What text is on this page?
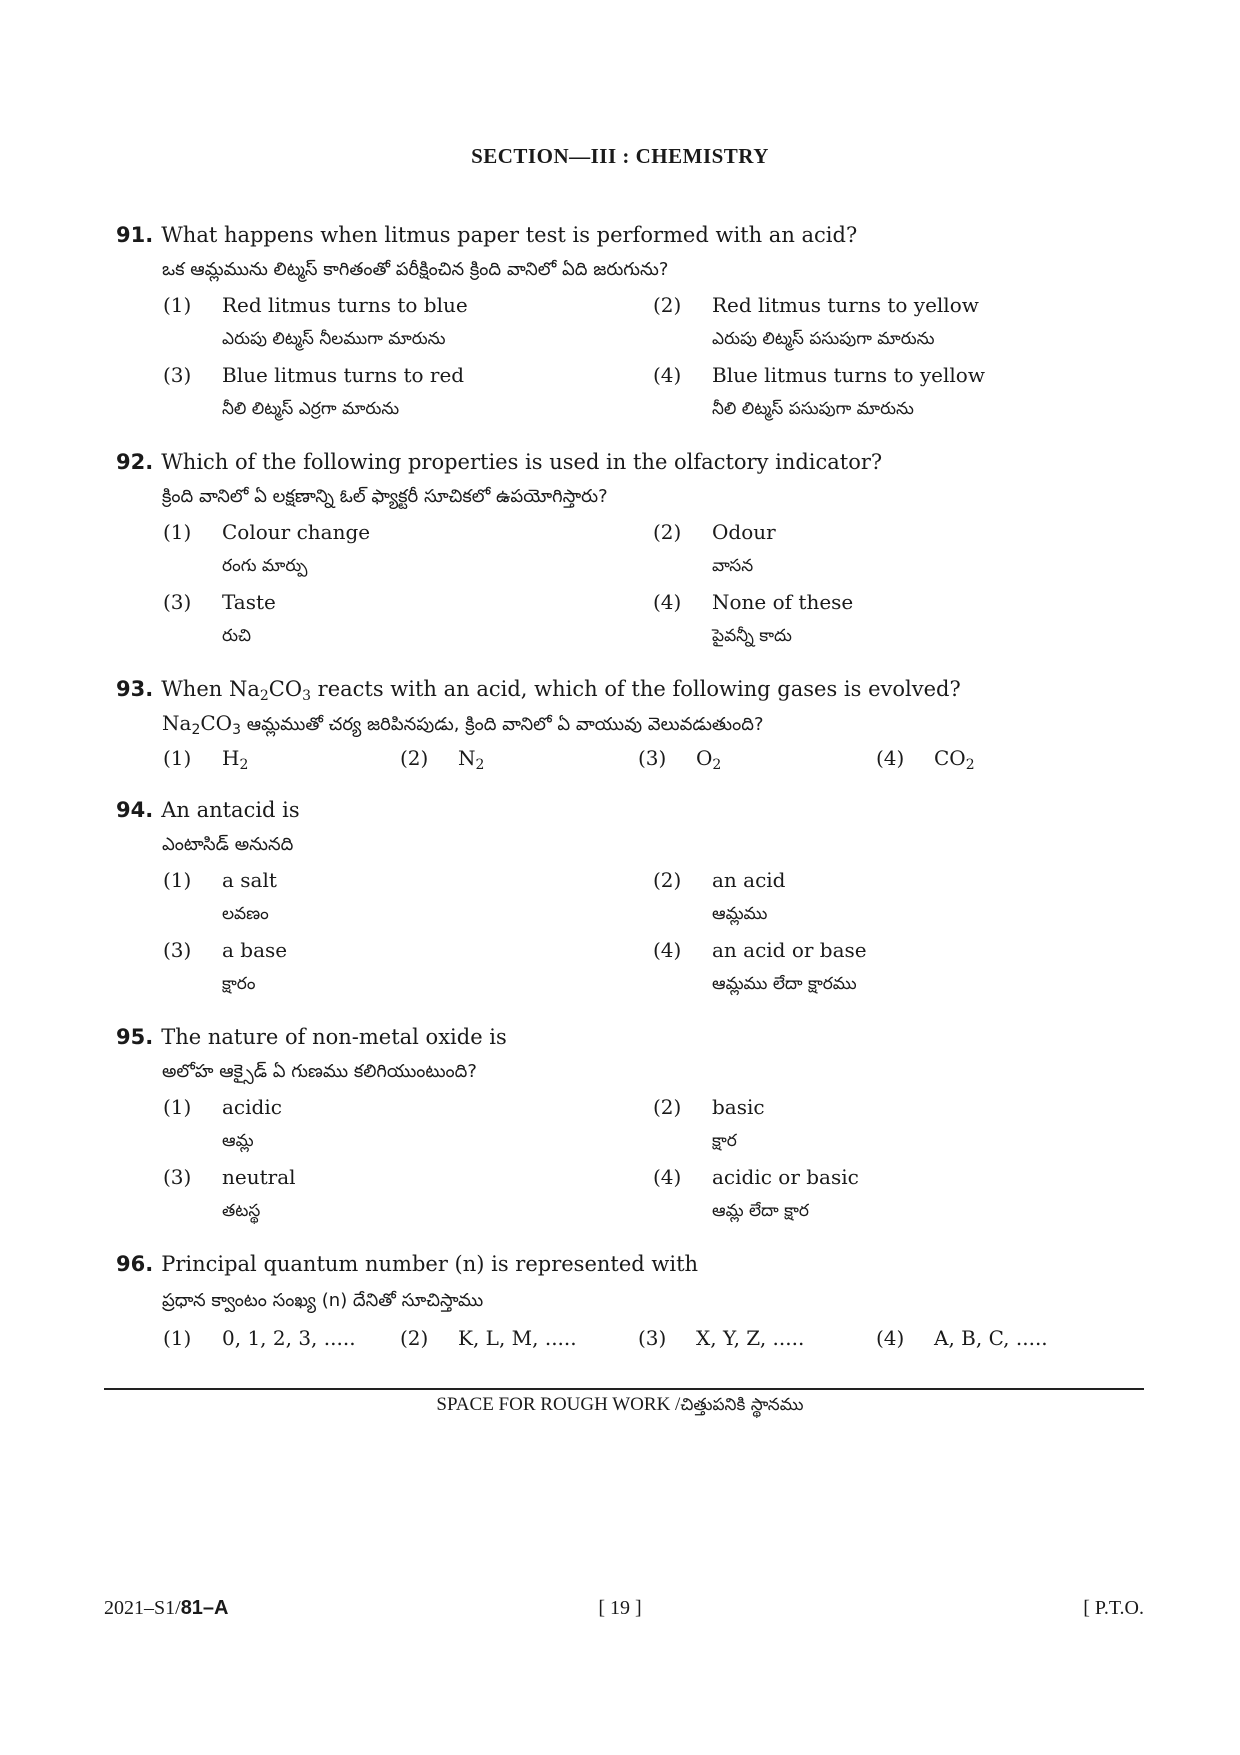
SECTION—III : CHEMISTRY
91. What happens when litmus paper test is performed with an acid?
ఒక ఆమ్లమును లిట్మస్ కాగితంతో పరీక్షించిన క్రింది వానిలో ఏది జరుగును?
(1) Red litmus turns to blue
ఎరుపు లిట్మస్ నీలముగా మారును
(2) Red litmus turns to yellow
ఎరుపు లిట్మస్ పసుపుగా మారును
(3) Blue litmus turns to red
నీలి లిట్మస్ ఎర్రగా మారును
(4) Blue litmus turns to yellow
నీలి లిట్మస్ పసుపుగా మారును
92. Which of the following properties is used in the olfactory indicator?
క్రింది వానిలో ఏ లక్షణాన్ని ఓల్ ఫ్యాక్టరీ సూచికలో ఉపయోగిస్తారు?
(1) Colour change
రంగు మార్పు
(2) Odour
వాసన
(3) Taste
రుచి
(4) None of these
పైవన్నీ కాదు
93. When $Na_2CO_3$ reacts with an acid, which of the following gases is evolved?
$Na_2CO_3$ ఆమ్లముతో చర్య జరిపినపుడు, క్రింది వానిలో ఏ వాయువు వెలువడుతుంది?
(1) $H_2$	(2) $N_2$	(3) $O_2$	(4) $CO_2$
94. An antacid is
ఎంటాసిడ్ అనునది
(1) a salt
లవణం
(2) an acid
ఆమ్లము
(3) a base
క్షారం
(4) an acid or base
ఆమ్లము లేదా క్షారము
95. The nature of non-metal oxide is
అలోహ ఆక్సైడ్ ఏ గుణము కలిగియుంటుంది?
(1) acidic
ఆమ్ల
(2) basic
క్షార
(3) neutral
తటస్థ
(4) acidic or basic
ఆమ్ల లేదా క్షార
96. Principal quantum number (n) is represented with
ప్రధాన క్వాంటం సంఖ్య (n) దేనితో సూచిస్తాము
(1) 0, 1, 2, 3, ..... (2) K, L, M, .....	(3) X, Y, Z, .....	(4) A, B, C, .....
SPACE FOR ROUGH WORK /చిత్తుపనికి స్థానము
2021–S1/81–A	[ 19 ]	[ P.T.O.
